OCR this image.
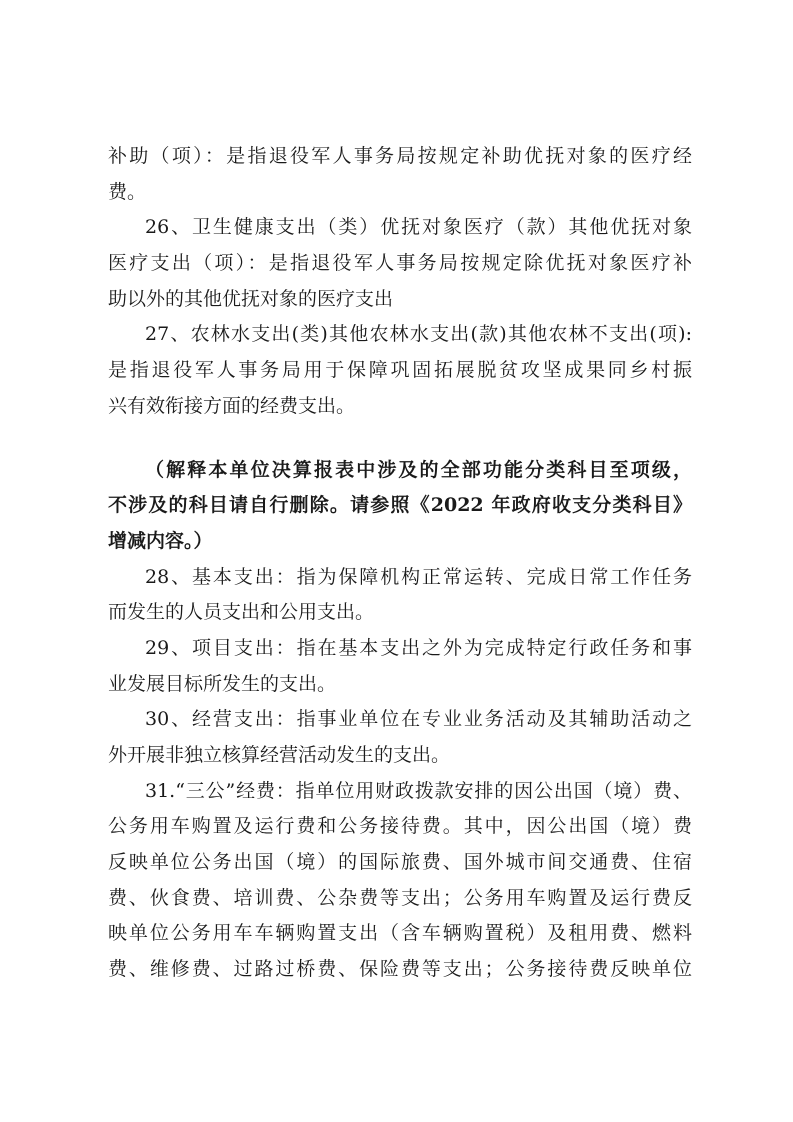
补助（项）：是指退役军人事务局按规定补助优抚对象的医疗经
费。
26、卫生健康支出（类）优抚对象医疗（款）其他优抚对象
医疗支出（项）：是指退役军人事务局按规定除优抚对象医疗补
助以外的其他优抚对象的医疗支出
27、农林水支出(类)其他农林水支出(款)其他农林不支出(项):
是指退役军人事务局用于保障巩固拓展脱贫攻坚成果同乡村振
兴有效衔接方面的经费支出。
（解释本单位决算报表中涉及的全部功能分类科目至项级，
不涉及的科目请自行删除。请参照《2022 年政府收支分类科目》
增减内容。）
28、基本支出：指为保障机构正常运转、完成日常工作任务
而发生的人员支出和公用支出。
29、项目支出：指在基本支出之外为完成特定行政任务和事
业发展目标所发生的支出。
30、经营支出：指事业单位在专业业务活动及其辅助活动之
外开展非独立核算经营活动发生的支出。
31.“三公”经费：指单位用财政拨款安排的因公出国（境）费、
公务用车购置及运行费和公务接待费。其中，因公出国（境）费
反映单位公务出国（境）的国际旅费、国外城市间交通费、住宿
费、伙食费、培训费、公杂费等支出；公务用车购置及运行费反
映单位公务用车车辆购置支出（含车辆购置税）及租用费、燃料
费、维修费、过路过桥费、保险费等支出；公务接待费反映单位
